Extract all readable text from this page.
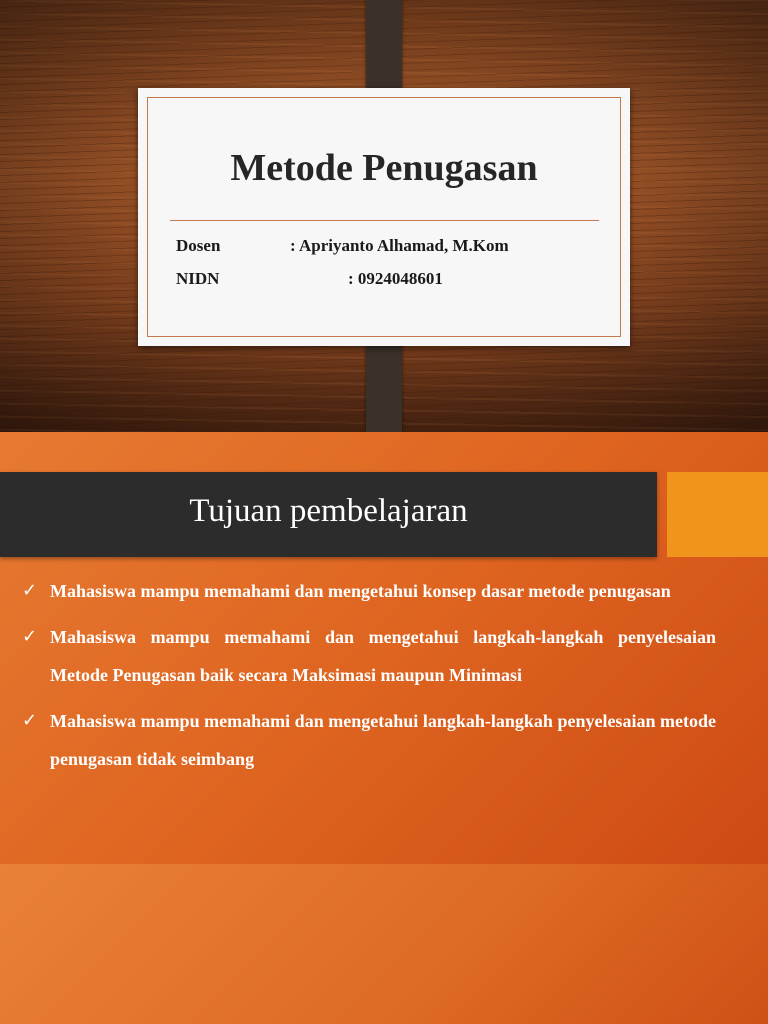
Metode Penugasan
Dosen	: Apriyanto Alhamad, M.Kom
NIDN	: 0924048601
Tujuan pembelajaran
✓ Mahasiswa mampu memahami dan mengetahui konsep dasar metode penugasan
✓ Mahasiswa mampu memahami dan mengetahui langkah-langkah penyelesaian Metode Penugasan baik secara Maksimasi maupun Minimasi
✓ Mahasiswa mampu memahami dan mengetahui langkah-langkah penyelesaian metode penugasan tidak seimbang
